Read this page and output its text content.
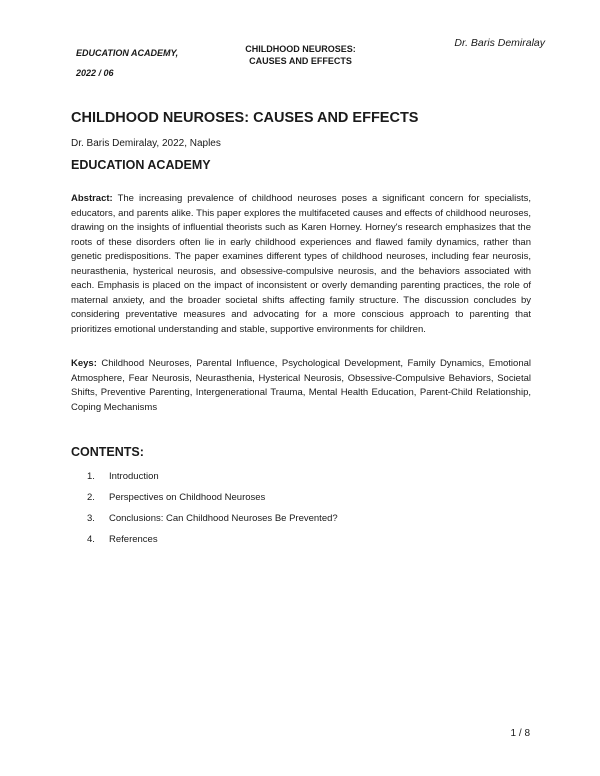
EDUCATION ACADEMY,
2022 / 06
CHILDHOOD NEUROSES:
CAUSES AND EFFECTS
Dr. Baris Demiralay
CHILDHOOD NEUROSES: CAUSES AND EFFECTS
Dr. Baris Demiralay, 2022, Naples
EDUCATION ACADEMY

Abstract: The increasing prevalence of childhood neuroses poses a significant concern for specialists, educators, and parents alike. This paper explores the multifaceted causes and effects of childhood neuroses, drawing on the insights of influential theorists such as Karen Horney. Horney's research emphasizes that the roots of these disorders often lie in early childhood experiences and flawed family dynamics, rather than genetic predispositions. The paper examines different types of childhood neuroses, including fear neurosis, neurasthenia, hysterical neurosis, and obsessive-compulsive neurosis, and the behaviors associated with each. Emphasis is placed on the impact of inconsistent or overly demanding parenting practices, the role of maternal anxiety, and the broader societal shifts affecting family structure. The discussion concludes by considering preventative measures and advocating for a more conscious approach to parenting that prioritizes emotional understanding and stable, supportive environments for children.

Keys: Childhood Neuroses, Parental Influence, Psychological Development, Family Dynamics, Emotional Atmosphere, Fear Neurosis, Neurasthenia, Hysterical Neurosis, Obsessive-Compulsive Behaviors, Societal Shifts, Preventive Parenting, Intergenerational Trauma, Mental Health Education, Parent-Child Relationship, Coping Mechanisms

CONTENTS:
1.	Introduction
2.	Perspectives on Childhood Neuroses
3.	Conclusions: Can Childhood Neuroses Be Prevented?
4.	References
1 / 8
